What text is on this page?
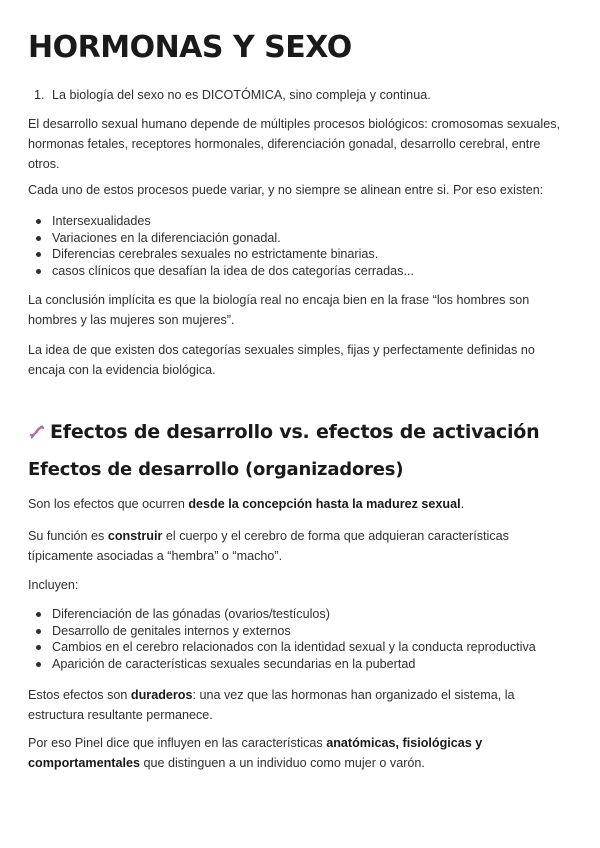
HORMONAS Y SEXO
1. La biología del sexo no es DICOTÓMICA, sino compleja y continua.

El desarrollo sexual humano depende de múltiples procesos biológicos: cromosomas sexuales, hormonas fetales, receptores hormonales, diferenciación gonadal, desarrollo cerebral, entre otros.

Cada uno de estos procesos puede variar, y no siempre se alinean entre si. Por eso existen:

Intersexualidades
Variaciones en la diferenciación gonadal.
Diferencias cerebrales sexuales no estrictamente binarias.
casos clínicos que desafían la idea de dos categorías cerradas...

La conclusión implícita es que la biología real no encaja bien en la frase “los hombres son hombres y las mujeres son mujeres”.

La idea de que existen dos categorías sexuales simples, fijas y perfectamente definidas no encaja con la evidencia biológica.

Efectos de desarrollo vs. efectos de activación
Efectos de desarrollo (organizadores)

Son los efectos que ocurren desde la concepción hasta la madurez sexual.

Su función es construir el cuerpo y el cerebro de forma que adquieran características típicamente asociadas a “hembra” o “macho”.

Incluyen:

Diferenciación de las gónadas (ovarios/testículos)
Desarrollo de genitales internos y externos
Cambios en el cerebro relacionados con la identidad sexual y la conducta reproductiva
Aparición de características sexuales secundarias en la pubertad

Estos efectos son duraderos: una vez que las hormonas han organizado el sistema, la estructura resultante permanece.

Por eso Pinel dice que influyen en las características anatómicas, fisiológicas y comportamentales que distinguen a un individuo como mujer o varón.
